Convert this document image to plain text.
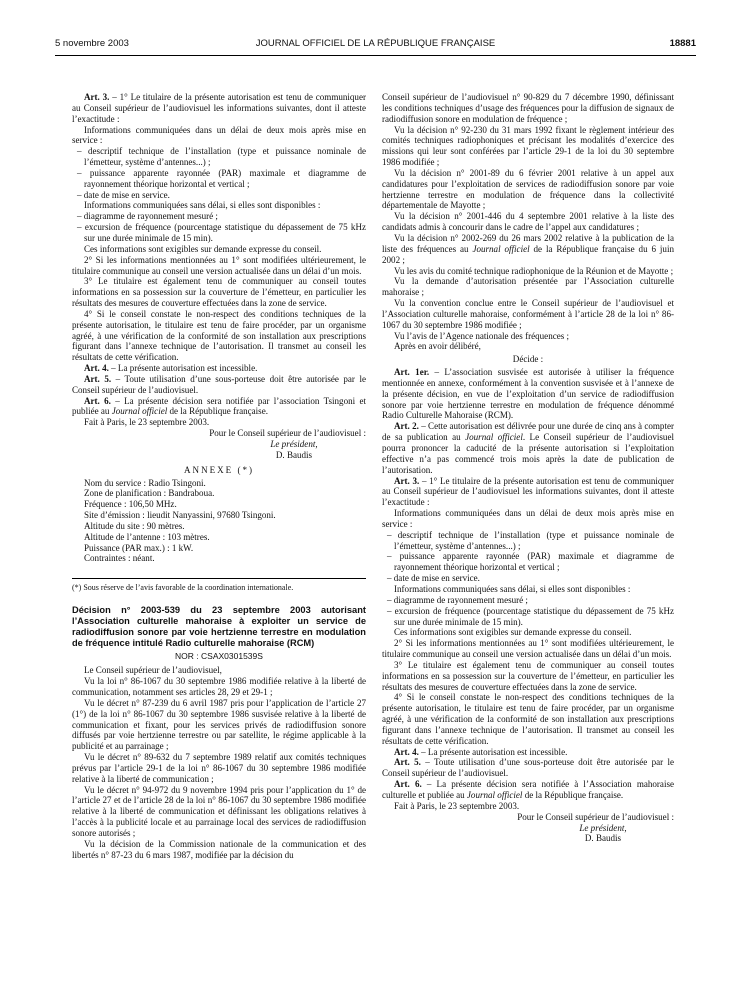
5 novembre 2003	JOURNAL OFFICIEL DE LA RÉPUBLIQUE FRANÇAISE	18881

Art. 3. – 1° Le titulaire de la présente autorisation est tenu de communiquer au Conseil supérieur de l’audiovisuel les informations suivantes, dont il atteste l’exactitude :

Informations communiquées dans un délai de deux mois après mise en service :

– descriptif technique de l’installation (type et puissance nominale de l’émetteur, système d’antennes...) ;

– puissance apparente rayonnée (PAR) maximale et diagramme de rayonnement théorique horizontal et vertical ;

– date de mise en service.

Informations communiquées sans délai, si elles sont disponibles :

– diagramme de rayonnement mesuré ;

– excursion de fréquence (pourcentage statistique du dépassement de 75 kHz sur une durée minimale de 15 min).

Ces informations sont exigibles sur demande expresse du conseil.

2° Si les informations mentionnées au 1° sont modifiées ultérieurement, le titulaire communique au conseil une version actualisée dans un délai d’un mois.

3° Le titulaire est également tenu de communiquer au conseil toutes informations en sa possession sur la couverture de l’émetteur, en particulier les résultats des mesures de couverture effectuées dans la zone de service.

4° Si le conseil constate le non-respect des conditions techniques de la présente autorisation, le titulaire est tenu de faire procéder, par un organisme agréé, à une vérification de la conformité de son installation aux prescriptions figurant dans l’annexe technique de l’autorisation. Il transmet au conseil les résultats de cette vérification.

Art. 4. – La présente autorisation est incessible.

Art. 5. – Toute utilisation d’une sous-porteuse doit être autorisée par le Conseil supérieur de l’audiovisuel.

Art. 6. – La présente décision sera notifiée par l’association Tsingoni et publiée au Journal officiel de la République française.

Fait à Paris, le 23 septembre 2003.

Pour le Conseil supérieur de l’audiovisuel :

Le président,

D. Baudis

ANNEXE (*)

Nom du service : Radio Tsingoni.

Zone de planification : Bandraboua.

Fréquence : 106,50 MHz.

Site d’émission : lieudit Nanyassini, 97680 Tsingoni.

Altitude du site : 90 mètres.

Altitude de l’antenne : 103 mètres.

Puissance (PAR max.) : 1 kW.

Contraintes : néant.

(*) Sous réserve de l’avis favorable de la coordination internationale.

Décision n° 2003-539 du 23 septembre 2003 autorisant l’Association culturelle mahoraise à exploiter un service de radiodiffusion sonore par voie hertzienne terrestre en modulation de fréquence intitulé Radio culturelle mahoraise (RCM)

NOR : CSAX0301539S

Le Conseil supérieur de l’audiovisuel,

Vu la loi n° 86-1067 du 30 septembre 1986 modifiée relative à la liberté de communication, notamment ses articles 28, 29 et 29-1 ;

Vu le décret n° 87-239 du 6 avril 1987 pris pour l’application de l’article 27 (1°) de la loi n° 86-1067 du 30 septembre 1986 susvisée relative à la liberté de communication et fixant, pour les services privés de radiodiffusion sonore diffusés par voie hertzienne terrestre ou par satellite, le régime applicable à la publicité et au parrainage ;

Vu le décret n° 89-632 du 7 septembre 1989 relatif aux comités techniques prévus par l’article 29-1 de la loi n° 86-1067 du 30 septembre 1986 modifiée relative à la liberté de communication ;

Vu le décret n° 94-972 du 9 novembre 1994 pris pour l’application du 1° de l’article 27 et de l’article 28 de la loi n° 86-1067 du 30 septembre 1986 modifiée relative à la liberté de communication et définissant les obligations relatives à l’accès à la publicité locale et au parrainage local des services de radiodiffusion sonore autorisés ;

Vu la décision de la Commission nationale de la communication et des libertés n° 87-23 du 6 mars 1987, modifiée par la décision du

Conseil supérieur de l’audiovisuel n° 90-829 du 7 décembre 1990, définissant les conditions techniques d’usage des fréquences pour la diffusion de signaux de radiodiffusion sonore en modulation de fréquence ;

Vu la décision n° 92-230 du 31 mars 1992 fixant le règlement intérieur des comités techniques radiophoniques et précisant les modalités d’exercice des missions qui leur sont conférées par l’article 29-1 de la loi du 30 septembre 1986 modifiée ;

Vu la décision n° 2001-89 du 6 février 2001 relative à un appel aux candidatures pour l’exploitation de services de radiodiffusion sonore par voie hertzienne terrestre en modulation de fréquence dans la collectivité départementale de Mayotte ;

Vu la décision n° 2001-446 du 4 septembre 2001 relative à la liste des candidats admis à concourir dans le cadre de l’appel aux candidatures ;

Vu la décision n° 2002-269 du 26 mars 2002 relative à la publication de la liste des fréquences au Journal officiel de la République française du 6 juin 2002 ;

Vu les avis du comité technique radiophonique de la Réunion et de Mayotte ;

Vu la demande d’autorisation présentée par l’Association culturelle mahoraise ;

Vu la convention conclue entre le Conseil supérieur de l’audiovisuel et l’Association culturelle mahoraise, conformément à l’article 28 de la loi n° 86-1067 du 30 septembre 1986 modifiée ;

Vu l’avis de l’Agence nationale des fréquences ;

Après en avoir délibéré,

Décide :

Art. 1er. – L’association susvisée est autorisée à utiliser la fréquence mentionnée en annexe, conformément à la convention susvisée et à l’annexe de la présente décision, en vue de l’exploitation d’un service de radiodiffusion sonore par voie hertzienne terrestre en modulation de fréquence dénommé Radio Culturelle Mahoraise (RCM).

Art. 2. – Cette autorisation est délivrée pour une durée de cinq ans à compter de sa publication au Journal officiel. Le Conseil supérieur de l’audiovisuel pourra prononcer la caducité de la présente autorisation si l’exploitation effective n’a pas commencé trois mois après la date de publication de l’autorisation.

Art. 3. – 1° Le titulaire de la présente autorisation est tenu de communiquer au Conseil supérieur de l’audiovisuel les informations suivantes, dont il atteste l’exactitude :

Informations communiquées dans un délai de deux mois après mise en service :

– descriptif technique de l’installation (type et puissance nominale de l’émetteur, système d’antennes...) ;

– puissance apparente rayonnée (PAR) maximale et diagramme de rayonnement théorique horizontal et vertical ;

– date de mise en service.

Informations communiquées sans délai, si elles sont disponibles :

– diagramme de rayonnement mesuré ;

– excursion de fréquence (pourcentage statistique du dépassement de 75 kHz sur une durée minimale de 15 min).

Ces informations sont exigibles sur demande expresse du conseil.

2° Si les informations mentionnées au 1° sont modifiées ultérieurement, le titulaire communique au conseil une version actualisée dans un délai d’un mois.

3° Le titulaire est également tenu de communiquer au conseil toutes informations en sa possession sur la couverture de l’émetteur, en particulier les résultats des mesures de couverture effectuées dans la zone de service.

4° Si le conseil constate le non-respect des conditions techniques de la présente autorisation, le titulaire est tenu de faire procéder, par un organisme agréé, à une vérification de la conformité de son installation aux prescriptions figurant dans l’annexe technique de l’autorisation. Il transmet au conseil les résultats de cette vérification.

Art. 4. – La présente autorisation est incessible.

Art. 5. – Toute utilisation d’une sous-porteuse doit être autorisée par le Conseil supérieur de l’audiovisuel.

Art. 6. – La présente décision sera notifiée à l’Association mahoraise culturelle et publiée au Journal officiel de la République française.

Fait à Paris, le 23 septembre 2003.

Pour le Conseil supérieur de l’audiovisuel :

Le président,

D. Baudis
